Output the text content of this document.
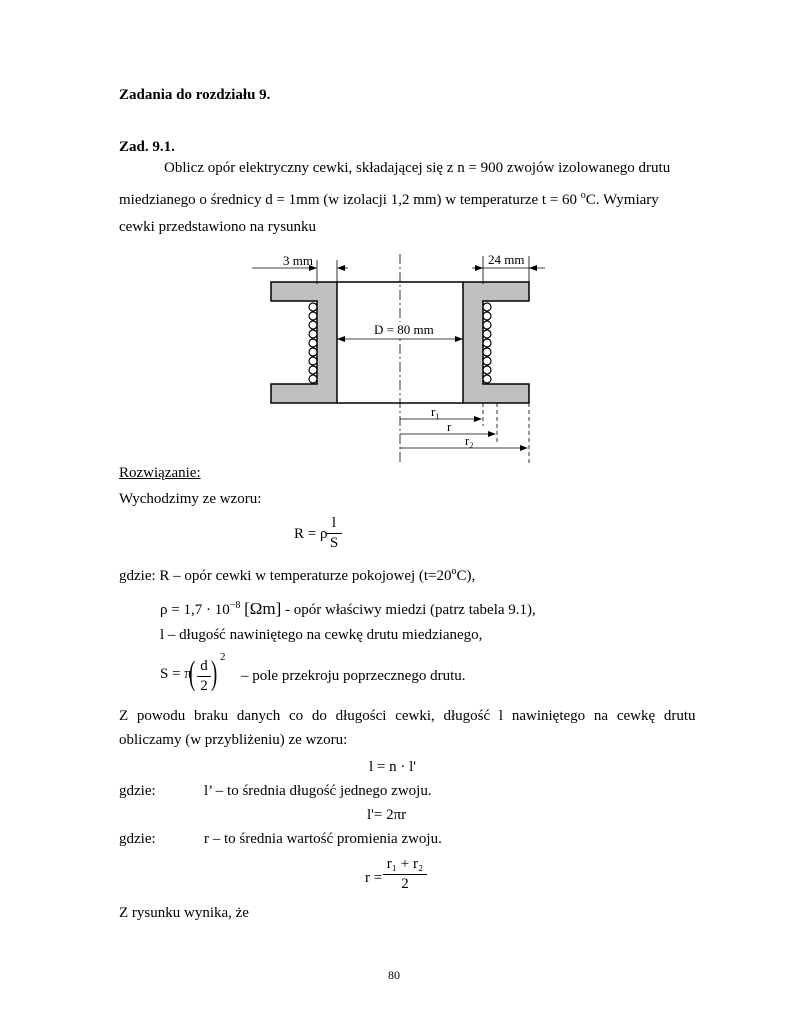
Zadania do rozdziału 9.
Zad. 9.1.
Oblicz opór elektryczny cewki, składającej się z n = 900 zwojów izolowanego drutu
miedzianego o średnicy d = 1mm (w izolacji 1,2 mm) w temperaturze t = 60 $^o$C. Wymiary
cewki przedstawiono na rysunku
3 mm	24 mm
D = 80 mm
$r_1$
r
$r_2$
Rozwiązanie:
Wychodzimy ze wzoru:
R = ρ
$\frac{l}{S}$
gdzie: R – opór cewki w temperaturze pokojowej $(t=20^oC)$,
$\rho = 1,7 \cdot 10^{-8}$ [Ωm] - opór właściwy miedzi (patrz tabela 9.1),
l – długość nawiniętego na cewkę drutu miedzianego,
S = π
( $\frac{d}{2}$ ) 2
– pole przekroju poprzecznego drutu.
Z powodu braku danych co do długości cewki, długość l nawiniętego na cewkę drutu
obliczamy (w przybliżeniu) ze wzoru:
l = n · l'
gdzie:	l’ – to średnia długość jednego zwoju.
l'= 2πr
gdzie:	r – to średnia wartość promienia zwoju.
$r = \frac{\text{r₁ + r₂}}{2}$
Z rysunku wynika, że
80
